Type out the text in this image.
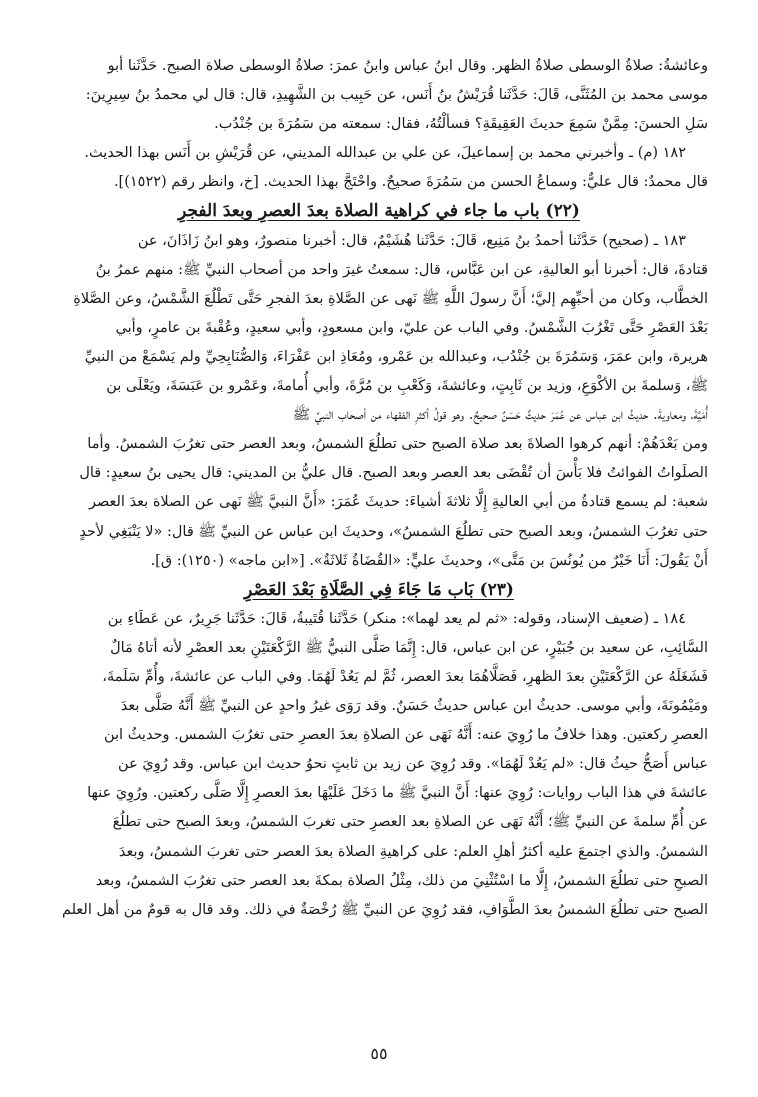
وعائشةُ: صلاةُ الوسطى صلاةُ الظهر. وقال ابنُ عباس وابنُ عمرَ: صلاةُ الوسطى صلاة الصبح. حَدَّثَنا أبو

موسى محمد بن المُثَنَّى، قَالَ: حَدَّثَنا قُرَيْشُ بنُ أَنَس، عن حَبِيب بن الشَّهِيدِ، قال: قال لي محمدُ بنُ سِيرِينَ:

سَلِ الحسنَ: مِمَّنْ سَمِعَ حديثَ العَقِيقَةِ؟ فسألْتُهُ، فقال: سمعته من سَمُرَةَ بن جُنْدُب.

١٨٢ (م) ـ وأخبرني محمد بن إسماعيلَ، عن علي بن عبدالله المديني، عن قُرَيْشِ بن أَنَس بهذا الحديث.

قال محمدٌ: قال عليٌّ: وسماعُ الحسن من سَمُرَةَ صحيحٌ. واحْتَجَّ بهذا الحديث. [خ، وانظر رقم (١٥٢٢)].

(٢٢) باب ما جاء في كراهية الصلاة بعدَ العصرِ وبعدَ الفجرِ

١٨٣ ـ (صحيح) حَدَّثَنا أحمدُ بنُ مَنِيع، قَالَ: حَدَّثَنا هُشَيْمٌ، قال: أخبرنا منصورٌ، وهو ابنُ زَاذَانَ، عن

قتادةَ، قال: أخبرنا أبو العاليةِ، عن ابن عَبَّاس، قال: سمعتُ غيرَ واحد من أصحاب النبيِّ ﷺ: منهم عمرُ بنُ

الخطَّاب، وكان من أحبِّهِم إليَّ؛ أَنَّ رسولَ اللَّهِ ﷺ نَهى عن الصَّلاةِ بعدَ الفجرِ حَتَّى تَطْلُعَ الشَّمْسُ، وعن الصَّلاةِ

بَعْدَ العَصْرِ حَتَّى تَغْرُبَ الشَّمْسُ. وفي الباب عن عليّ، وابن مسعودٍ، وأبي سعيدٍ، وعُقْبةَ بن عامرٍ، وأبي

هريرة، وابن عمَرَ، وَسَمُرَةَ بن جُنْدُب، وعبدالله بن عَمْرو، ومُعَاذِ ابن عَفْرَاءَ، وَالصُّنَابِحِيِّ ولم يَسْمَعْ من النبيِّ

ﷺ، وَسلمةَ بن الأكْوَعِ، وزيد بن ثَابِتٍ، وعائشةَ، وَكَعْبِ بن مُرَّةَ، وأبي أُمامةَ، وعَمْرو بن عَبَسَةَ، ويَعْلَى بن

أُمَيَّةَ، ومعاويةَ. حديثُ ابن عباس عن عُمَرَ حديثٌ حَسَنٌ صحيحٌ. وهو قولُ أكثرِ الفقهاء من أصحاب النبيِّ ﷺ

ومن بَعْدَهُمْ: أنهم كرهوا الصلاةَ بعد صلاة الصبح حتى تطلُعَ الشمسُ، وبعد العصر حتى تغرُبَ الشمسُ. وأما

الصلَواتُ الفوائتُ فلا بَأْسَ أن تُقْضَى بعد العصر وبعد الصبح. قال عليُّ بن المديني: قال يحيى بنُ سعيدٍ: قال

شعبة: لم يسمع قتادةُ من أبي العاليةِ إِلَّا ثلاثةَ أشياءَ: حديثَ عُمَرَ: «أَنَّ النبيَّ ﷺ نَهى عن الصلاة بعدَ العصر

حتى تغرُبَ الشمسُ، وبعد الصبح حتى تطلُعَ الشمسُ»، وحديثَ ابن عباس عن النبيِّ ﷺ قال: «لا يَنْبَغِي لأحدٍ

أَنْ يَقُولَ: أَنَا خَيْرٌ من يُونُسَ بن مَتَّى»، وحديثَ عليٍّ: «القُضَاةُ ثَلاثَةٌ». [«ابن ماجه» (١٢٥٠): ق].

(٢٣) بَاب مَا جَاءَ فِي الصَّلَاةِ بَعْدَ العَصْرِ

١٨٤ ـ (ضعيف الإسناد، وقوله: «ثم لم يعد لهما»: منكر) حَدَّثَنا قُتَيبةُ، قَالَ: حَدَّثَنا جَرِيرٌ، عن عَطَاءِ بن

السَّائِبِ، عن سعيد بن جُبَيْرٍ، عن ابن عباس، قال: إِنَّمَا صَلَّى النبيُّ ﷺ الرَّكْعَتَيْنِ بعد العصْرِ لأنه أتاهُ مَالٌ

فَشَغَلَهُ عن الرَّكْعَتَيْنِ بعدَ الظهرِ، فَصَلَّاهُمَا بعدَ العصر، ثُمَّ لم يَعُدْ لَهُمَا. وفي الباب عن عائشةَ، وأُمِّ سَلَمةَ،

ومَيْمُونَةَ، وأبي موسى. حديثُ ابن عباس حديثٌ حَسَنٌ. وقد رَوَى غيرُ واحدٍ عن النبيِّ ﷺ أَنَّهُ صَلَّى بعدَ

العصرِ ركعتين. وهذا خلافُ ما رُوِيَ عنه: أَنَّهُ نَهَى عن الصلاةِ بعدَ العصرِ حتى تغرُبَ الشمس. وحديثُ ابن

عباس أَصَحُّ حيثُ قال: «لم يَعُدْ لَهُمَا». وقد رُوِيَ عن زيد بن ثابتٍ نحوُ حديث ابن عباس. وقد رُوِيَ عن

عائشةَ في هذا الباب روايات: رُوِيَ عنها: أَنَّ النبيَّ ﷺ ما دَخَلَ عَلَيْهَا بعدَ العصرِ إِلَّا صَلَّى ركعتين. ورُوِيَ عنها

عن أُمِّ سلمةَ عن النبيِّ ﷺ؛ أَنَّهُ نَهَى عن الصلاةِ بعد العصرِ حتى تغربَ الشمسُ، وبعدَ الصبح حتى تطلُعَ

الشمسُ. والذي اجتمعَ عليه أكثرُ أهلِ العلم: على كراهيةِ الصلاة بعدَ العصر حتى تغربَ الشمسُ، وبعدَ

الصبحِ حتى تطلُعَ الشمسُ، إِلَّا ما اسْتُثْنِيَ من ذلك، مِثْلُ الصلاة بمكةَ بعد العصر حتى تغرُبَ الشمسُ، وبعد

الصبح حتى تطلُعَ الشمسُ بعدَ الطَّوَافِ، فقد رُوِيَ عن النبيِّ ﷺ رُخْصَةٌ في ذلك. وقد قال به قومٌ من أهل العلم

٥٥
